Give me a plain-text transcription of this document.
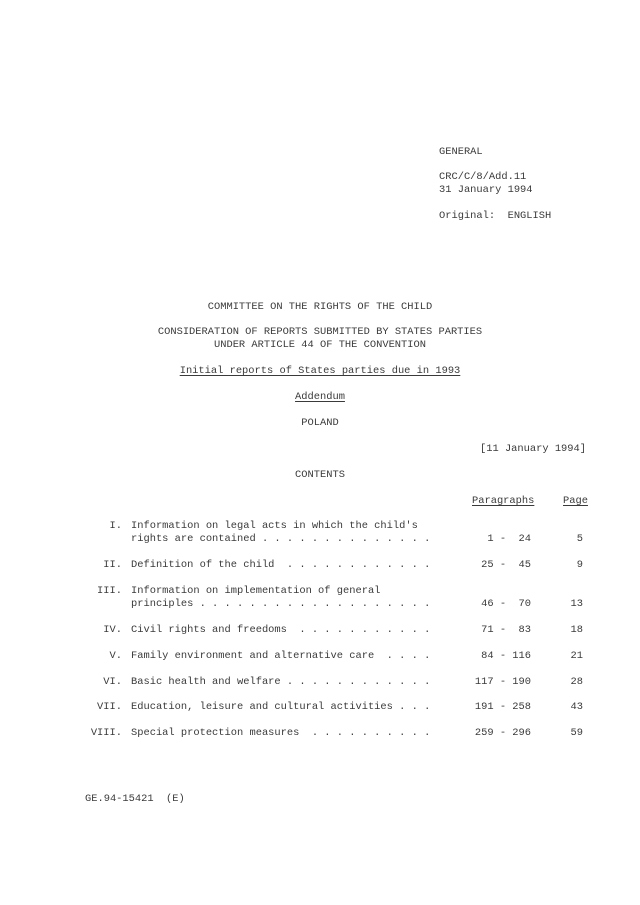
GENERAL
CRC/C/8/Add.11
31 January 1994
Original:  ENGLISH
COMMITTEE ON THE RIGHTS OF THE CHILD
CONSIDERATION OF REPORTS SUBMITTED BY STATES PARTIES
UNDER ARTICLE 44 OF THE CONVENTION
Initial reports of States parties due in 1993
Addendum
POLAND
[11 January 1994]
CONTENTS
Paragraphs	Page
I. Information on legal acts in which the child's
rights are contained . . . . . . . . . . . . . .	1 -  24	5
II. Definition of the child  . . . . . . . . . . . .	25 -  45	9
III. Information on implementation of general
principles . . . . . . . . . . . . . . . . . . .	46 -  70	13
IV. Civil rights and freedoms  . . . . . . . . . . .	71 -  83	18
V. Family environment and alternative care  . . . .	84 - 116	21
VI. Basic health and welfare . . . . . . . . . . . .	117 - 190	28
VII. Education, leisure and cultural activities . . .	191 - 258	43
VIII. Special protection measures  . . . . . . . . . .	259 - 296	59
GE.94-15421  (E)
